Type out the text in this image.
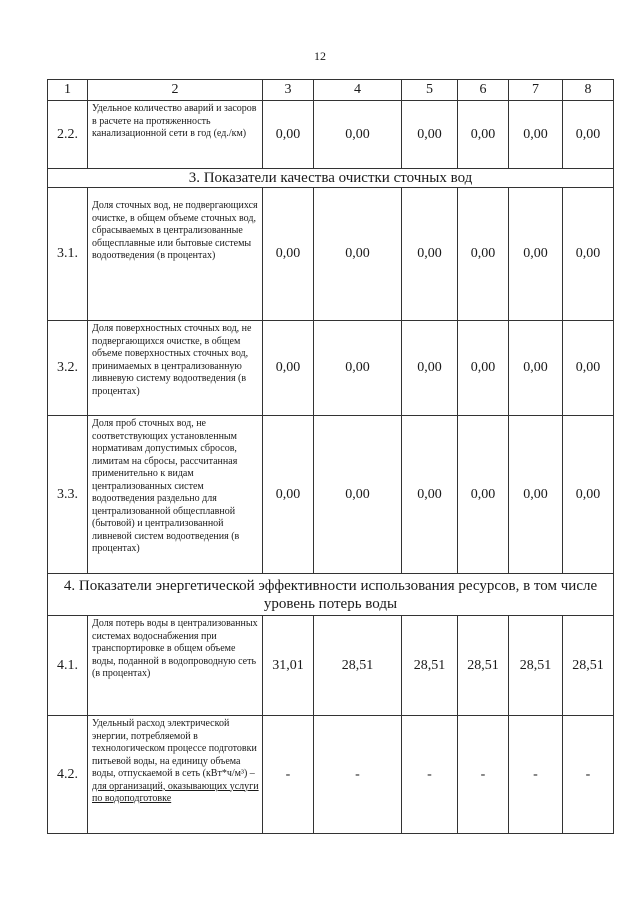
12
1	2	3	4	5	6	7	8
2.2.	Удельное количество аварий и засоров в расчете на протяженность канализационной сети в год (ед./км)	0,00	0,00	0,00	0,00	0,00	0,00
3. Показатели качества очистки сточных вод							
3.1.	Доля сточных вод, не подвергающихся очистке, в общем объеме сточных вод, сбрасываемых в централизованные общесплавные или бытовые системы водоотведения (в процентах)	0,00	0,00	0,00	0,00	0,00	0,00
3.2.	Доля поверхностных сточных вод, не подвергающихся очистке, в общем объеме поверхностных сточных вод, принимаемых в централизованную ливневую систему водоотведения (в процентах)	0,00	0,00	0,00	0,00	0,00	0,00
3.3.	Доля проб сточных вод, не соответствующих установленным нормативам допустимых сбросов, лимитам на сбросы, рассчитанная применительно к видам централизованных систем водоотведения раздельно для централизованной общесплавной (бытовой) и централизованной ливневой систем водоотведения (в процентах)	0,00	0,00	0,00	0,00	0,00	0,00
4. Показатели энергетической эффективности использования ресурсов, в том числе
уровень потерь воды							
4.1.	Доля потерь воды в централизованных системах водоснабжения при транспортировке в общем объеме воды, поданной в водопроводную сеть (в процентах)	31,01	28,51	28,51	28,51	28,51	28,51
4.2.	Удельный расход электрической энергии, потребляемой в технологическом процессе подготовки питьевой воды, на единицу объема воды, отпускаемой в сеть (кВт*ч/м³) – для организаций, оказывающих услуги по водоподготовке	-	-	-	-	-	-
